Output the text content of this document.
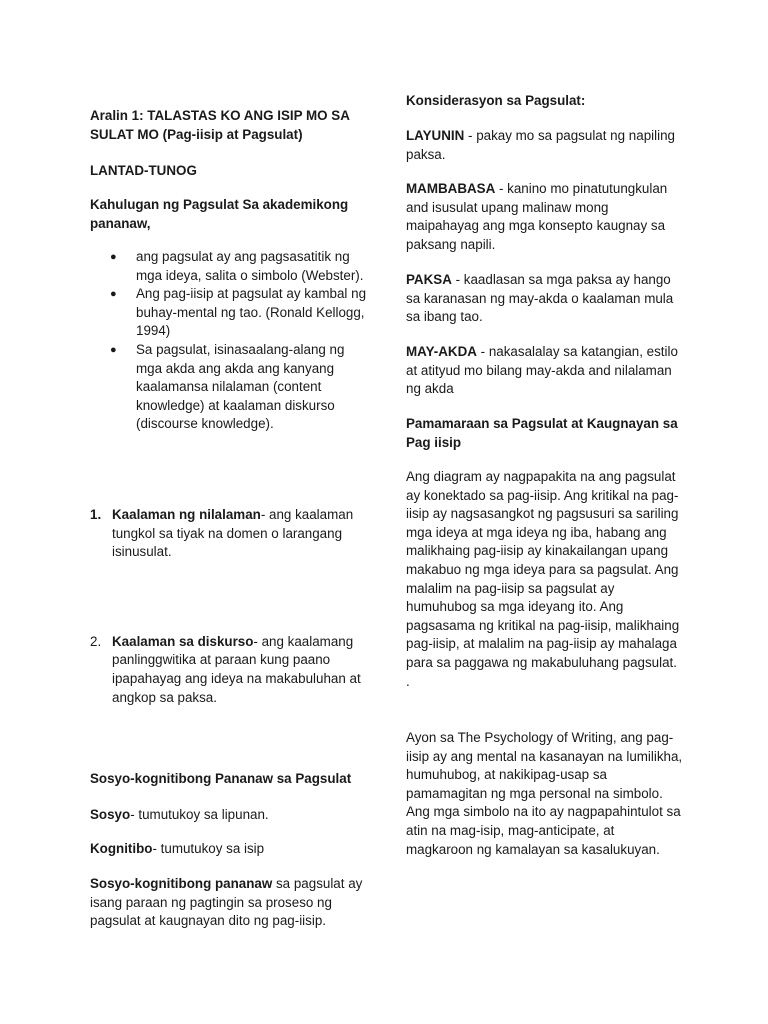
Aralin 1: TALASTAS KO ANG ISIP MO SA SULAT MO (Pag-iisip at Pagsulat)

LANTAD-TUNOG

Kahulugan ng Pagsulat Sa akademikong pananaw,

● ang pagsulat ay ang pagsasatitik ng mga ideya, salita o simbolo (Webster).
● Ang pag-iisip at pagsulat ay kambal ng buhay-mental ng tao. (Ronald Kellogg, 1994)
● Sa pagsulat, isinasaalang-alang ng mga akda ang akda ang kanyang kaalamansa nilalaman (content knowledge) at kaalaman diskurso (discourse knowledge).

1. Kaalaman ng nilalaman- ang kaalaman tungkol sa tiyak na domen o larangang isinusulat.

2. Kaalaman sa diskurso- ang kaalamang panlinggwitika at paraan kung paano ipapahayag ang ideya na makabuluhan at angkop sa paksa.

Sosyo-kognitibong Pananaw sa Pagsulat

Sosyo- tumutukoy sa lipunan.

Kognitibo- tumutukoy sa isip

Sosyo-kognitibong pananaw sa pagsulat ay isang paraan ng pagtingin sa proseso ng pagsulat at kaugnayan dito ng pag-iisip.

Konsiderasyon sa Pagsulat:

LAYUNIN - pakay mo sa pagsulat ng napiling paksa.

MAMBABASA - kanino mo pinatutungkulan and isusulat upang malinaw mong maipahayag ang mga konsepto kaugnay sa paksang napili.

PAKSA - kaadlasan sa mga paksa ay hango sa karanasan ng may-akda o kaalaman mula sa ibang tao.

MAY-AKDA - nakasalalay sa katangian, estilo at atityud mo bilang may-akda and nilalaman ng akda

Pamamaraan sa Pagsulat at Kaugnayan sa Pag iisip

Ang diagram ay nagpapakita na ang pagsulat ay konektado sa pag-iisip. Ang kritikal na pag-iisip ay nagsasangkot ng pagsusuri sa sariling mga ideya at mga ideya ng iba, habang ang malikhaing pag-iisip ay kinakailangan upang makabuo ng mga ideya para sa pagsulat. Ang malalim na pag-iisip sa pagsulat ay humuhubog sa mga ideyang ito. Ang pagsasama ng kritikal na pag-iisip, malikhaing pag-iisip, at malalim na pag-iisip ay mahalaga para sa paggawa ng makabuluhang pagsulat. .

Ayon sa The Psychology of Writing, ang pag-iisip ay ang mental na kasanayan na lumilikha, humuhubog, at nakikipag-usap sa pamamagitan ng mga personal na simbolo. Ang mga simbolo na ito ay nagpapahintulot sa atin na mag-isip, mag-anticipate, at magkaroon ng kamalayan sa kasalukuyan.
